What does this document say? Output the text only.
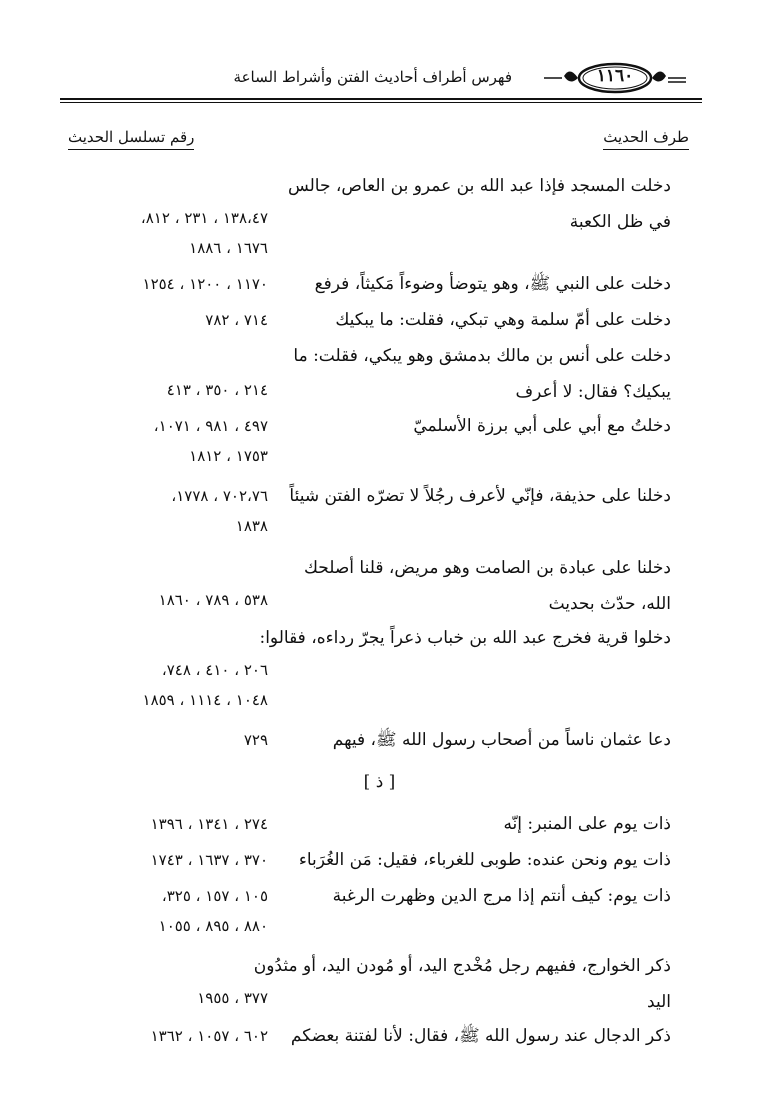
فهرس أطراف أحاديث الفتن وأشراط الساعة	١١٦٠
طرف الحديث
رقم تسلسل الحديث
دخلت المسجد فإذا عبد الله بن عمرو بن العاص، جالس في ظل الكعبة
١٣٨،٤٧ ، ٢٣١ ، ٨١٢،
١٦٧٦ ، ١٨٨٦
دخلت على النبي ﷺ، وهو يتوضأ وضوءاً مَكيثاً، فرفع
١١٧٠ ، ١٢٠٠ ، ١٢٥٤
دخلت على أمّ سلمة وهي تبكي، فقلت: ما يبكيك
٧١٤ ، ٧٨٢
دخلت على أنس بن مالك بدمشق وهو يبكي، فقلت: ما يبكيك؟ فقال: لا أعرف
٢١٤ ، ٣٥٠ ، ٤١٣
دخلتُ مع أبي على أبي برزة الأسلميّ
٤٩٧ ، ٩٨١ ، ١٠٧١،
١٧٥٣ ، ١٨١٢
دخلنا على حذيفة، فإنّي لأعرف رجُلاً لا تضرّه الفتن شيئاً
٧٠٢،٧٦ ، ١٧٧٨،
١٨٣٨
دخلنا على عبادة بن الصامت وهو مريض، قلنا أصلحك الله، حدّث بحديث
٥٣٨ ، ٧٨٩ ، ١٨٦٠
دخلوا قرية فخرج عبد الله بن خباب ذعراً يجرّ رداءه، فقالوا:
٢٠٦ ، ٤١٠ ، ٧٤٨،
١٠٤٨ ، ١١١٤ ، ١٨٥٩
دعا عثمان ناساً من أصحاب رسول الله ﷺ، فيهم
٧٢٩
[ ذ ]
ذات يوم على المنبر: إنّه
٢٧٤ ، ١٣٤١ ، ١٣٩٦
ذات يوم ونحن عنده: طوبى للغرباء، فقيل: مَن الغُرَباء
٣٧٠ ، ١٦٣٧ ، ١٧٤٣
ذات يوم: كيف أنتم إذا مرج الدين وظهرت الرغبة
١٠٥ ، ١٥٧ ، ٣٢٥،
٨٨٠ ، ٨٩٥ ، ١٠٥٥
ذكر الخوارج، ففيهم رجل مُخْدج اليد، أو مُودن اليد، أو مثدُون اليد
٣٧٧ ، ١٩٥٥
ذكر الدجال عند رسول الله ﷺ، فقال: لأنا لفتنة بعضكم
٦٠٢ ، ١٠٥٧ ، ١٣٦٢
